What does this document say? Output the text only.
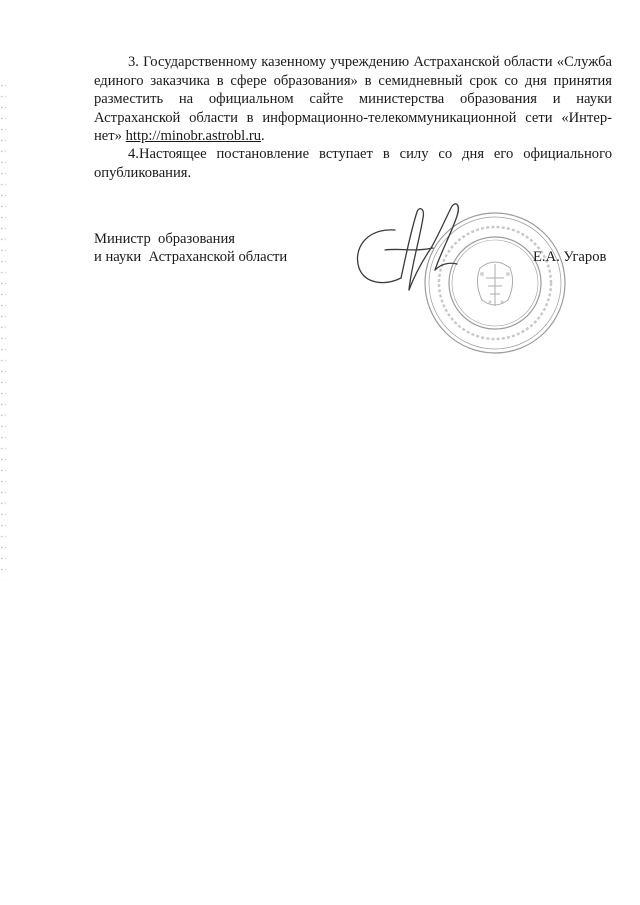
3. Государственному казенному учреждению Астраханской области «Служба единого заказчика в сфере образования» в семидневный срок со дня принятия разместить на официальном сайте министерства образования и науки Астраханской области в информационно-телекоммуникационной сети «Интер-нет» http://minobr.astrobl.ru.

4.Настоящее постановление вступает в силу со дня его официального опубликования.

Министр  образования
и науки  Астраханской области	Е.А. Угаров
